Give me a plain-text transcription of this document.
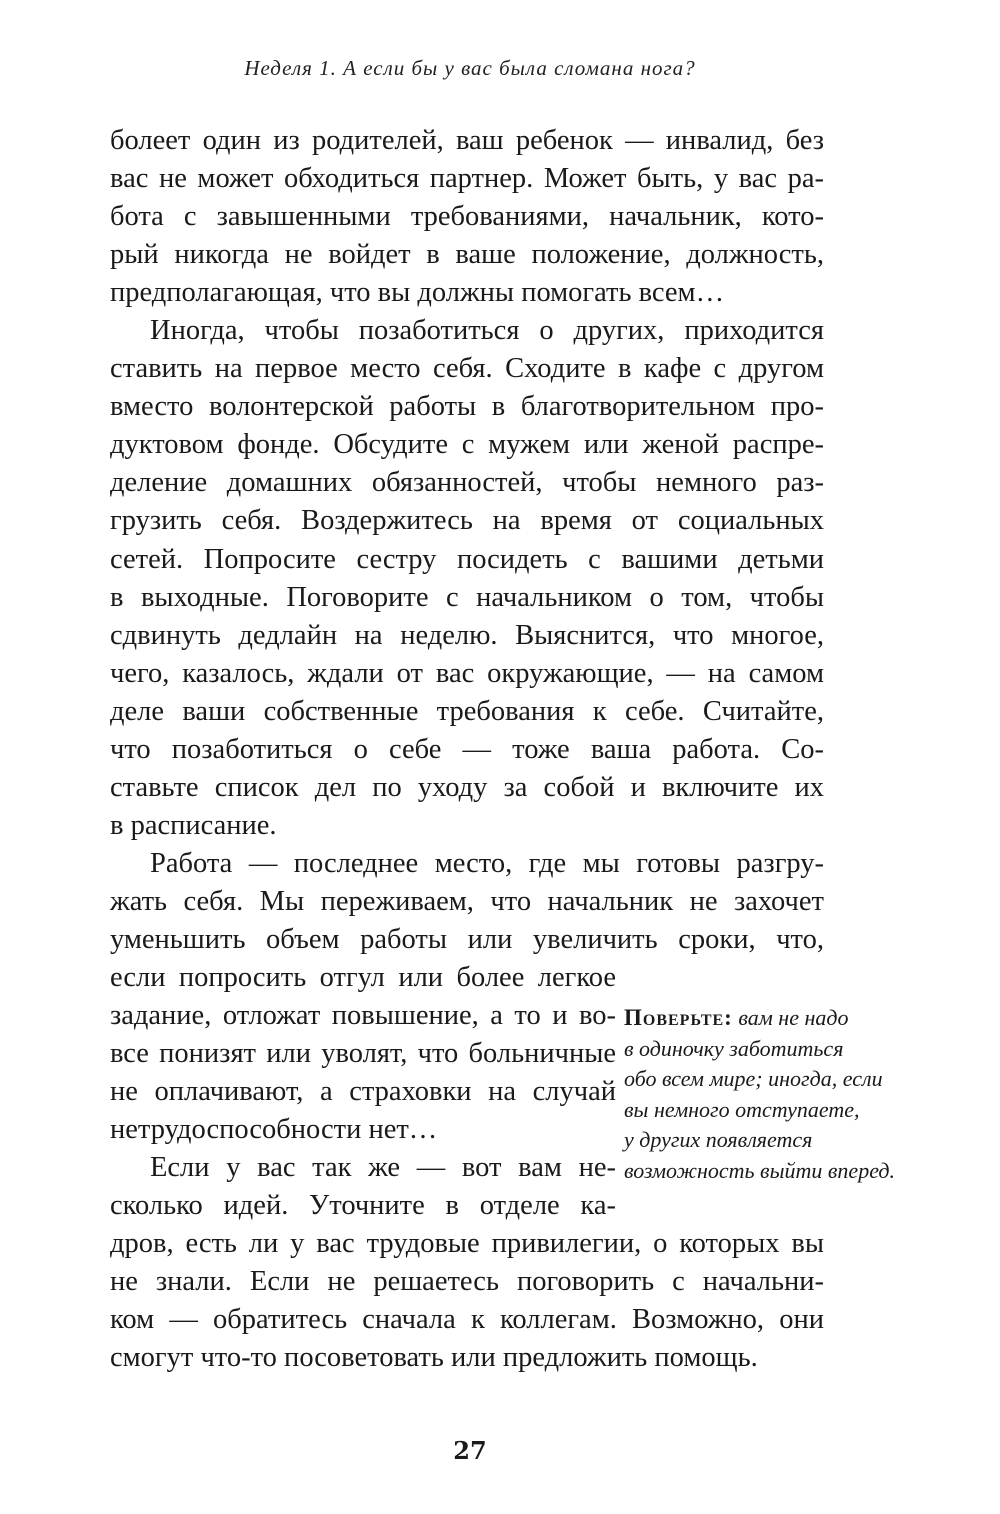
Неделя 1. А если бы у вас была сломана нога?
болеет один из родителей, ваш ребенок — инвалид, без
вас не может обходиться партнер. Может быть, у вас ра-
бота с завышенными требованиями, начальник, кото-
рый никогда не войдет в ваше положение, должность,
предполагающая, что вы должны помогать всем…
Иногда, чтобы позаботиться о других, приходится
ставить на первое место себя. Сходите в кафе с другом
вместо волонтерской работы в благотворительном про-
дуктовом фонде. Обсудите с мужем или женой распре-
деление домашних обязанностей, чтобы немного раз-
грузить себя. Воздержитесь на время от социальных
сетей. Попросите сестру посидеть с вашими детьми
в выходные. Поговорите с начальником о том, чтобы
сдвинуть дедлайн на неделю. Выяснится, что многое,
чего, казалось, ждали от вас окружающие, — на самом
деле ваши собственные требования к себе. Считайте,
что позаботиться о себе — тоже ваша работа. Со-
ставьте список дел по уходу за собой и включите их
в расписание.
Работа — последнее место, где мы готовы разгру-
жать себя. Мы переживаем, что начальник не захочет
уменьшить объем работы или увеличить сроки, что,
если попросить отгул или более легкое
задание, отложат повышение, а то и во-
все понизят или уволят, что больничные
не оплачивают, а страховки на случай
нетрудоспособности нет…
Если у вас так же — вот вам не-
сколько идей. Уточните в отделе ка-
дров, есть ли у вас трудовые привилегии, о которых вы
не знали. Если не решаетесь поговорить с начальни-
ком — обратитесь сначала к коллегам. Возможно, они
смогут что-то посоветовать или предложить помощь.
Поверьте: вам не надо
в одиночку заботиться
обо всем мире; иногда, если
вы немного отступаете,
у других появляется
возможность выйти вперед.
27
